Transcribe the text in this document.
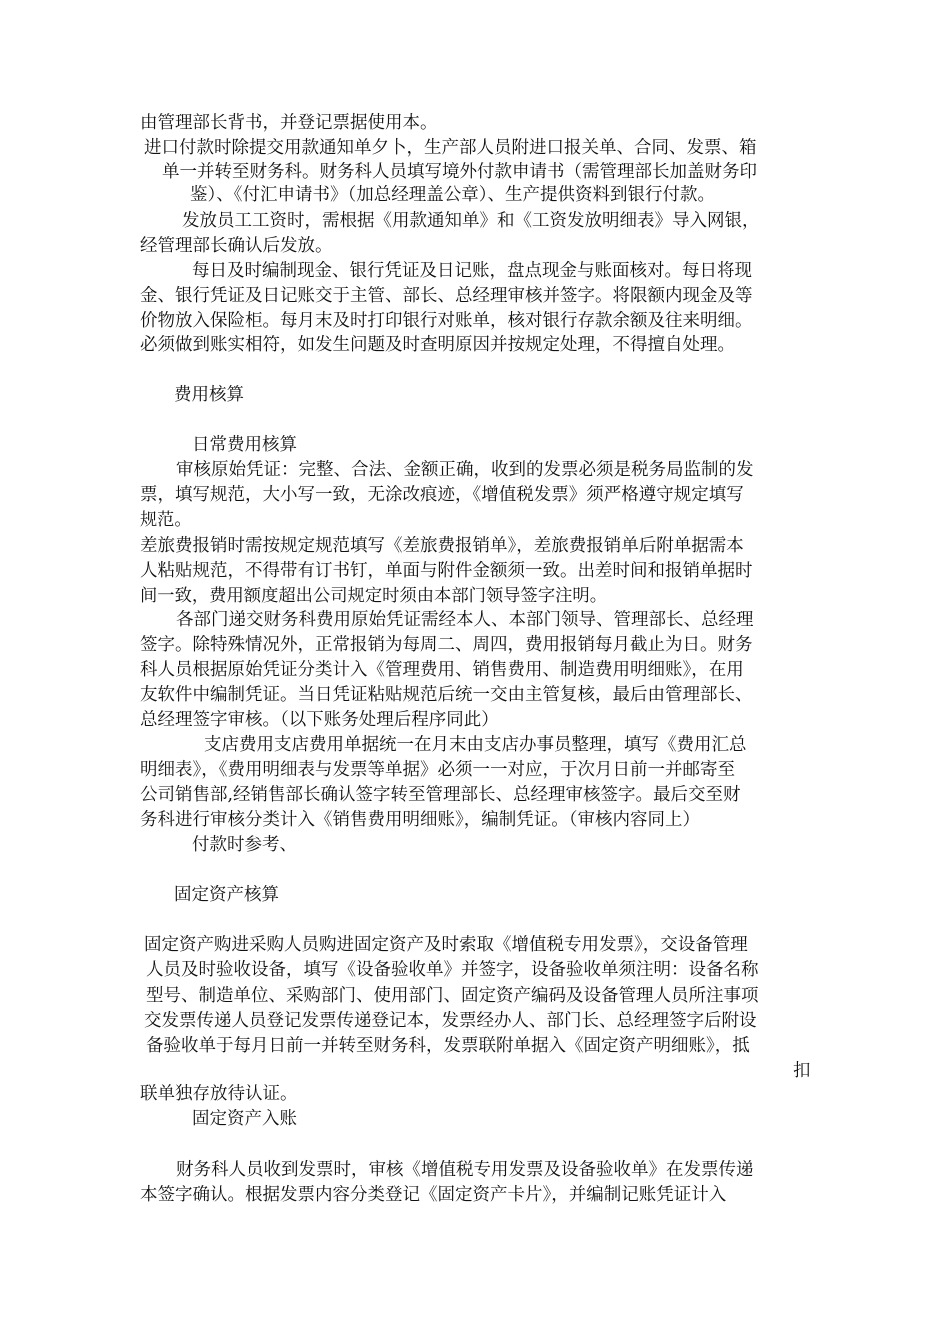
由管理部长背书，并登记票据使用本。
进口付款时除提交用款通知单夕卜，生产部人员附进口报关单、合同、发票、箱
单一并转至财务科。财务科人员填写境外付款申请书（需管理部长加盖财务印
鉴）、《付汇申请书》（加总经理盖公章）、生产提供资料到银行付款。
发放员工工资时，需根据《用款通知单》和《工资发放明细表》导入网银，
经管理部长确认后发放。
每日及时编制现金、银行凭证及日记账，盘点现金与账面核对。每日将现
金、银行凭证及日记账交于主管、部长、总经理审核并签字。将限额内现金及等
价物放入保险柜。每月末及时打印银行对账单，核对银行存款余额及往来明细。
必须做到账实相符，如发生问题及时查明原因并按规定处理，不得擅自处理。
费用核算
日常费用核算
审核原始凭证：完整、合法、金额正确，收到的发票必须是税务局监制的发
票，填写规范，大小写一致，无涂改痕迹，《增值税发票》须严格遵守规定填写
规范。
差旅费报销时需按规定规范填写《差旅费报销单》，差旅费报销单后附单据需本
人粘贴规范，不得带有订书钉，单面与附件金额须一致。出差时间和报销单据时
间一致，费用额度超出公司规定时须由本部门领导签字注明。
各部门递交财务科费用原始凭证需经本人、本部门领导、管理部长、总经理
签字。除特殊情况外，正常报销为每周二、周四，费用报销每月截止为日。财务
科人员根据原始凭证分类计入《管理费用、销售费用、制造费用明细账》，在用
友软件中编制凭证。当日凭证粘贴规范后统一交由主管复核，最后由管理部长、
总经理签字审核。（以下账务处理后程序同此）
支店费用支店费用单据统一在月末由支店办事员整理，填写《费用汇总
明细表》，《费用明细表与发票等单据》必须一一对应，于次月日前一并邮寄至
公司销售部,经销售部长确认签字转至管理部长、总经理审核签字。最后交至财
务科进行审核分类计入《销售费用明细账》，编制凭证。（审核内容同上）
付款时参考、
固定资产核算
固定资产购进采购人员购进固定资产及时索取《增值税专用发票》，交设备管理
人员及时验收设备，填写《设备验收单》并签字，设备验收单须注明：设备名称
型号、制造单位、采购部门、使用部门、固定资产编码及设备管理人员所注事项
交发票传递人员登记发票传递登记本，发票经办人、部门长、总经理签字后附设
备验收单于每月日前一并转至财务科，发票联附单据入《固定资产明细账》，抵
扣
联单独存放待认证。
固定资产入账
财务科人员收到发票时，审核《增值税专用发票及设备验收单》在发票传递
本签字确认。根据发票内容分类登记《固定资产卡片》，并编制记账凭证计入
